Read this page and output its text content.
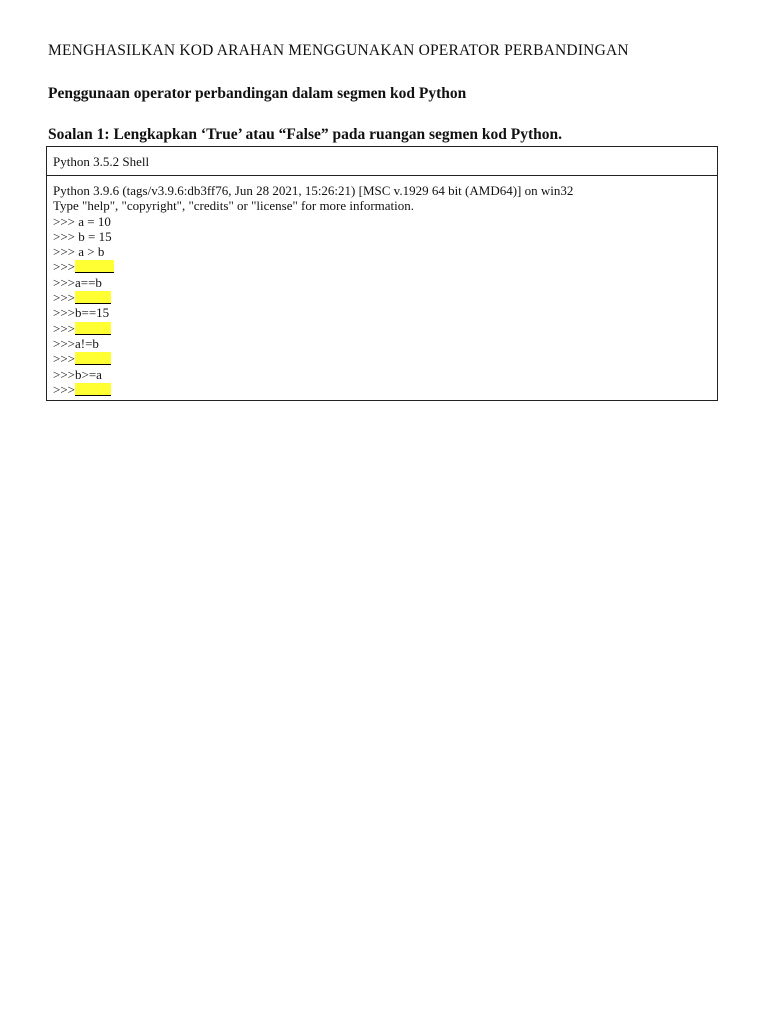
MENGHASILKAN KOD ARAHAN MENGGUNAKAN OPERATOR PERBANDINGAN
Penggunaan operator perbandingan dalam segmen kod Python
Soalan 1: Lengkapkan ‘True’ atau “False” pada ruangan segmen kod Python.
Python 3.5.2 Shell
Python 3.9.6 (tags/v3.9.6:db3ff76, Jun 28 2021, 15:26:21) [MSC v.1929 64 bit (AMD64)] on win32
Type "help", "copyright", "credits" or "license" for more information.
>>> a = 10
>>> b = 15
>>> a > b
>>>
>>>a==b
>>>
>>>b==15
>>>
>>>a!=b
>>>
>>>b>=a
>>>
